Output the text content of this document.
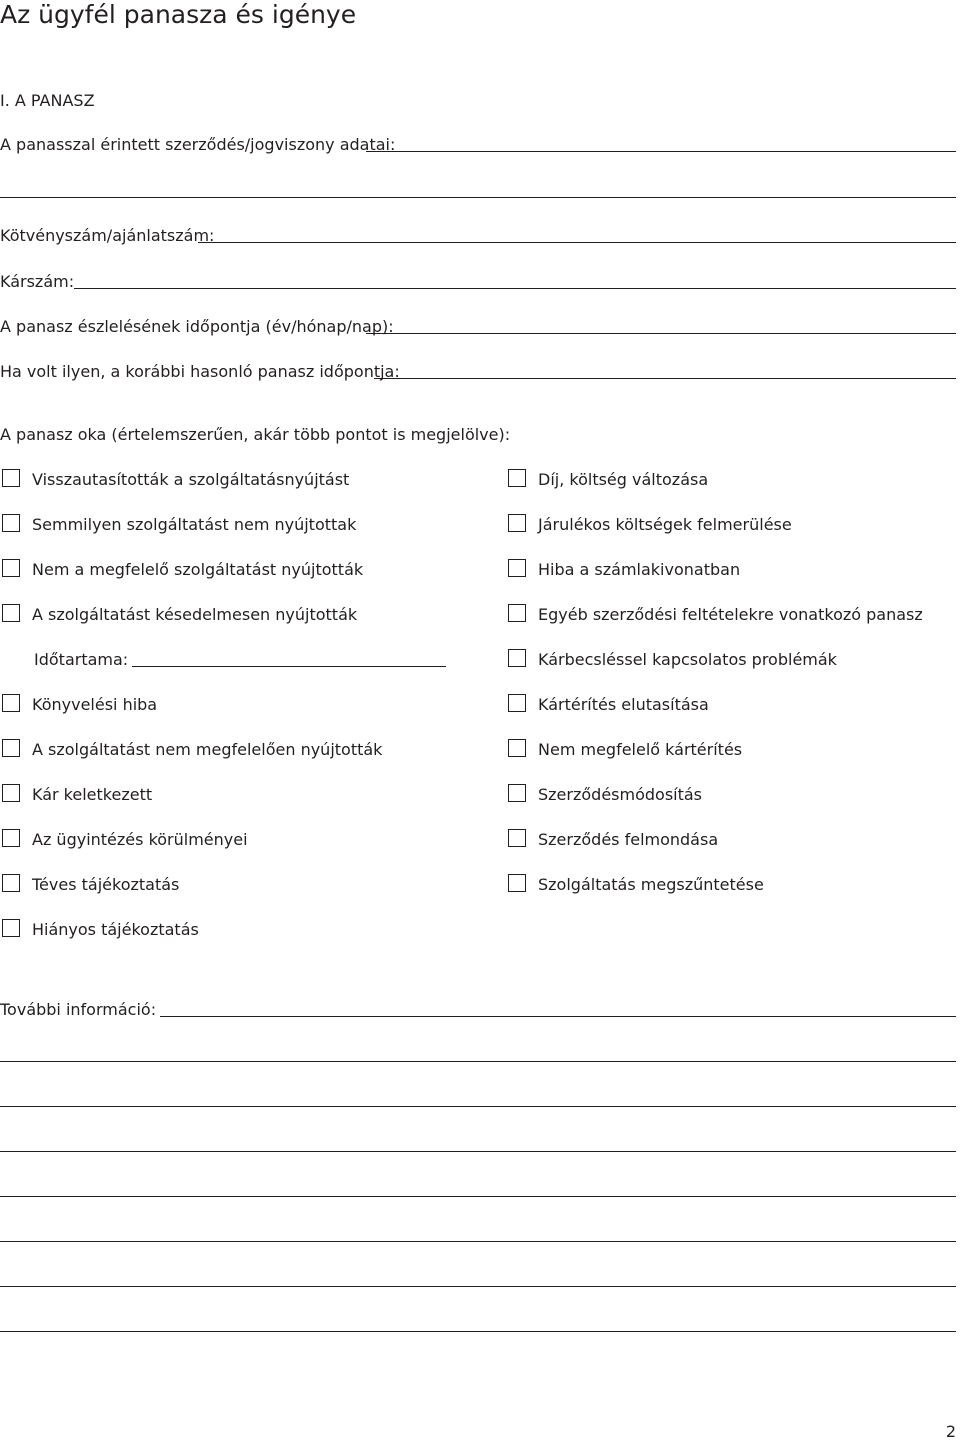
Az ügyfél panasza és igénye
I. A PANASZ
A panasszal érintett szerződés/jogviszony adatai:
Kötvényszám/ajánlatszám:
Kárszám:
A panasz észlelésének időpontja (év/hónap/nap):
Ha volt ilyen, a korábbi hasonló panasz időpontja:
A panasz oka (értelemszerűen, akár több pontot is megjelölve):
Visszautasították a szolgáltatásnyújtást
Semmilyen szolgáltatást nem nyújtottak
Nem a megfelelő szolgáltatást nyújtották
A szolgáltatást késedelmesen nyújtották
Időtartama:
Könyvelési hiba
A szolgáltatást nem megfelelően nyújtották
Kár keletkezett
Az ügyintézés körülményei
Téves tájékoztatás
Hiányos tájékoztatás
Díj, költség változása
Járulékos költségek felmerülése
Hiba a számlakivonatban
Egyéb szerződési feltételekre vonatkozó panasz
Kárbecsléssel kapcsolatos problémák
Kártérítés elutasítása
Nem megfelelő kártérítés
Szerződésmódosítás
Szerződés felmondása
Szolgáltatás megszűntetése
További információ:
2
